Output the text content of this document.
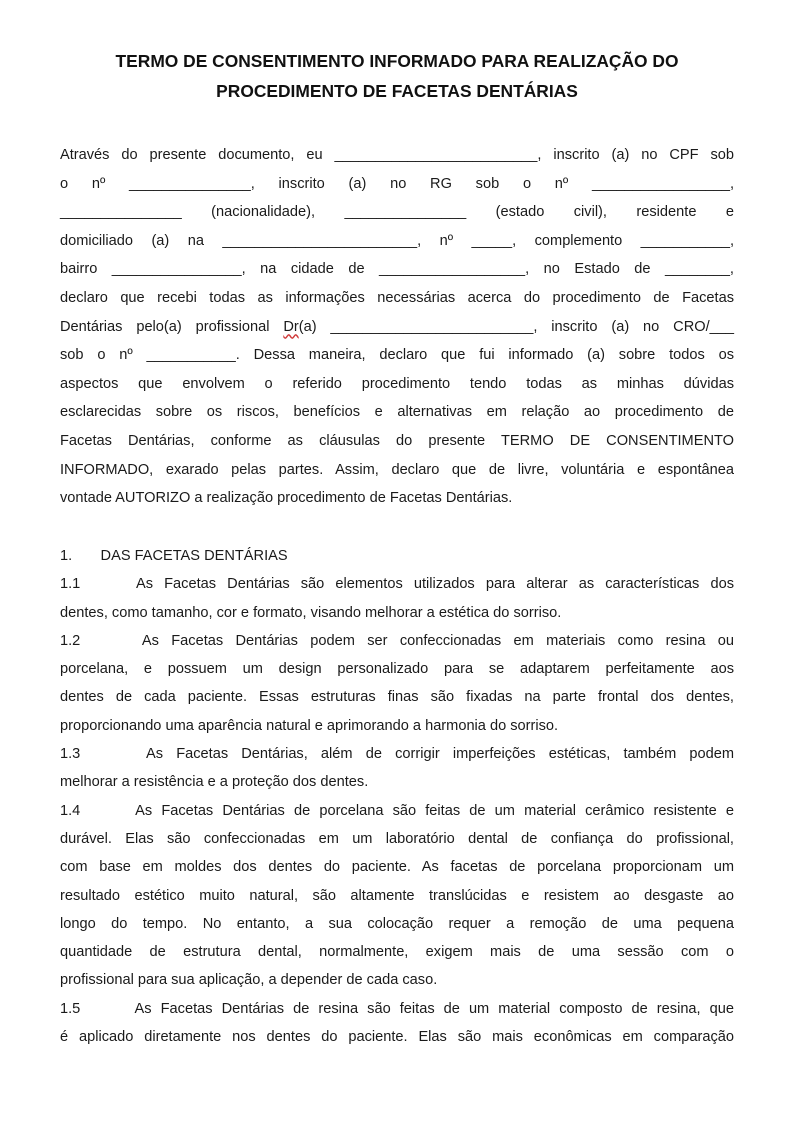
TERMO DE CONSENTIMENTO INFORMADO PARA REALIZAÇÃO DO
PROCEDIMENTO DE FACETAS DENTÁRIAS
Através do presente documento, eu _________________________, inscrito (a) no CPF sob
o nº _______________, inscrito (a) no RG sob o nº _________________,
_______________ (nacionalidade), _______________ (estado civil), residente e
domiciliado (a) na ________________________, nº _____, complemento ___________,
bairro ________________, na cidade de __________________, no Estado de ________,
declaro que recebi todas as informações necessárias acerca do procedimento de Facetas
Dentárias pelo(a) profissional Dr(a) _________________________, inscrito (a) no CRO/___
sob o nº ___________. Dessa maneira, declaro que fui informado (a) sobre todos os
aspectos que envolvem o referido procedimento tendo todas as minhas dúvidas
esclarecidas sobre os riscos, benefícios e alternativas em relação ao procedimento de
Facetas Dentárias, conforme as cláusulas do presente TERMO DE CONSENTIMENTO
INFORMADO, exarado pelas partes. Assim, declaro que de livre, voluntária e espontânea
vontade AUTORIZO a realização procedimento de Facetas Dentárias.
1.       DAS FACETAS DENTÁRIAS
1.1     As Facetas Dentárias são elementos utilizados para alterar as características dos
dentes, como tamanho, cor e formato, visando melhorar a estética do sorriso.
1.2     As Facetas Dentárias podem ser confeccionadas em materiais como resina ou
porcelana, e possuem um design personalizado para se adaptarem perfeitamente aos
dentes de cada paciente. Essas estruturas finas são fixadas na parte frontal dos dentes,
proporcionando uma aparência natural e aprimorando a harmonia do sorriso.
1.3     As Facetas Dentárias, além de corrigir imperfeições estéticas, também podem
melhorar a resistência e a proteção dos dentes.
1.4      As Facetas Dentárias de porcelana são feitas de um material cerâmico resistente e
durável. Elas são confeccionadas em um laboratório dental de confiança do profissional,
com base em moldes dos dentes do paciente. As facetas de porcelana proporcionam um
resultado estético muito natural, são altamente translúcidas e resistem ao desgaste ao
longo do tempo. No entanto, a sua colocação requer a remoção de uma pequena
quantidade de estrutura dental, normalmente, exigem mais de uma sessão com o
profissional para sua aplicação, a depender de cada caso.
1.5      As Facetas Dentárias de resina são feitas de um material composto de resina, que
é aplicado diretamente nos dentes do paciente. Elas são mais econômicas em comparação
